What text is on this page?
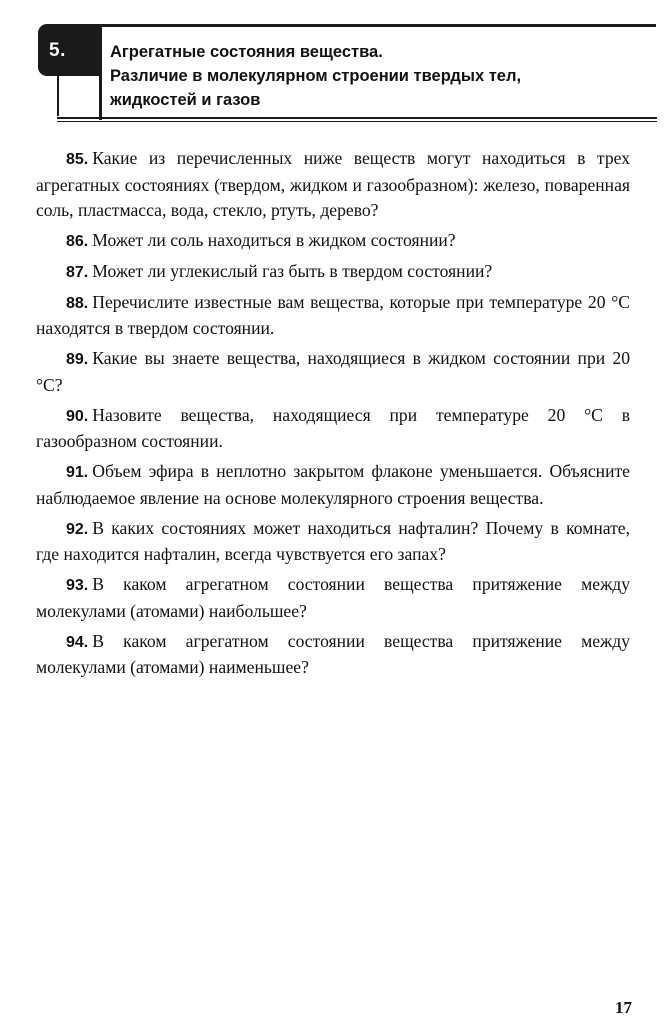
5.	Агрегатные состояния вещества.
Различие в молекулярном строении твердых тел,
жидкостей и газов

85. Какие из перечисленных ниже веществ могут находиться в трех агрегатных состояниях (твердом, жидком и газообразном): железо, поваренная соль, пластмасса, вода, стекло, ртуть, дерево?

86. Может ли соль находиться в жидком состоянии?

87. Может ли углекислый газ быть в твердом состоянии?

88. Перечислите известные вам вещества, которые при температуре 20 °С находятся в твердом состоянии.

89. Какие вы знаете вещества, находящиеся в жидком состоянии при 20 °С?

90. Назовите вещества, находящиеся при температуре 20 °С в газообразном состоянии.

91. Объем эфира в неплотно закрытом флаконе уменьшается. Объясните наблюдаемое явление на основе молекулярного строения вещества.

92. В каких состояниях может находиться нафталин? Почему в комнате, где находится нафталин, всегда чувствуется его запах?

93. В каком агрегатном состоянии вещества притяжение между молекулами (атомами) наибольшее?

94. В каком агрегатном состоянии вещества притяжение между молекулами (атомами) наименьшее?

17
